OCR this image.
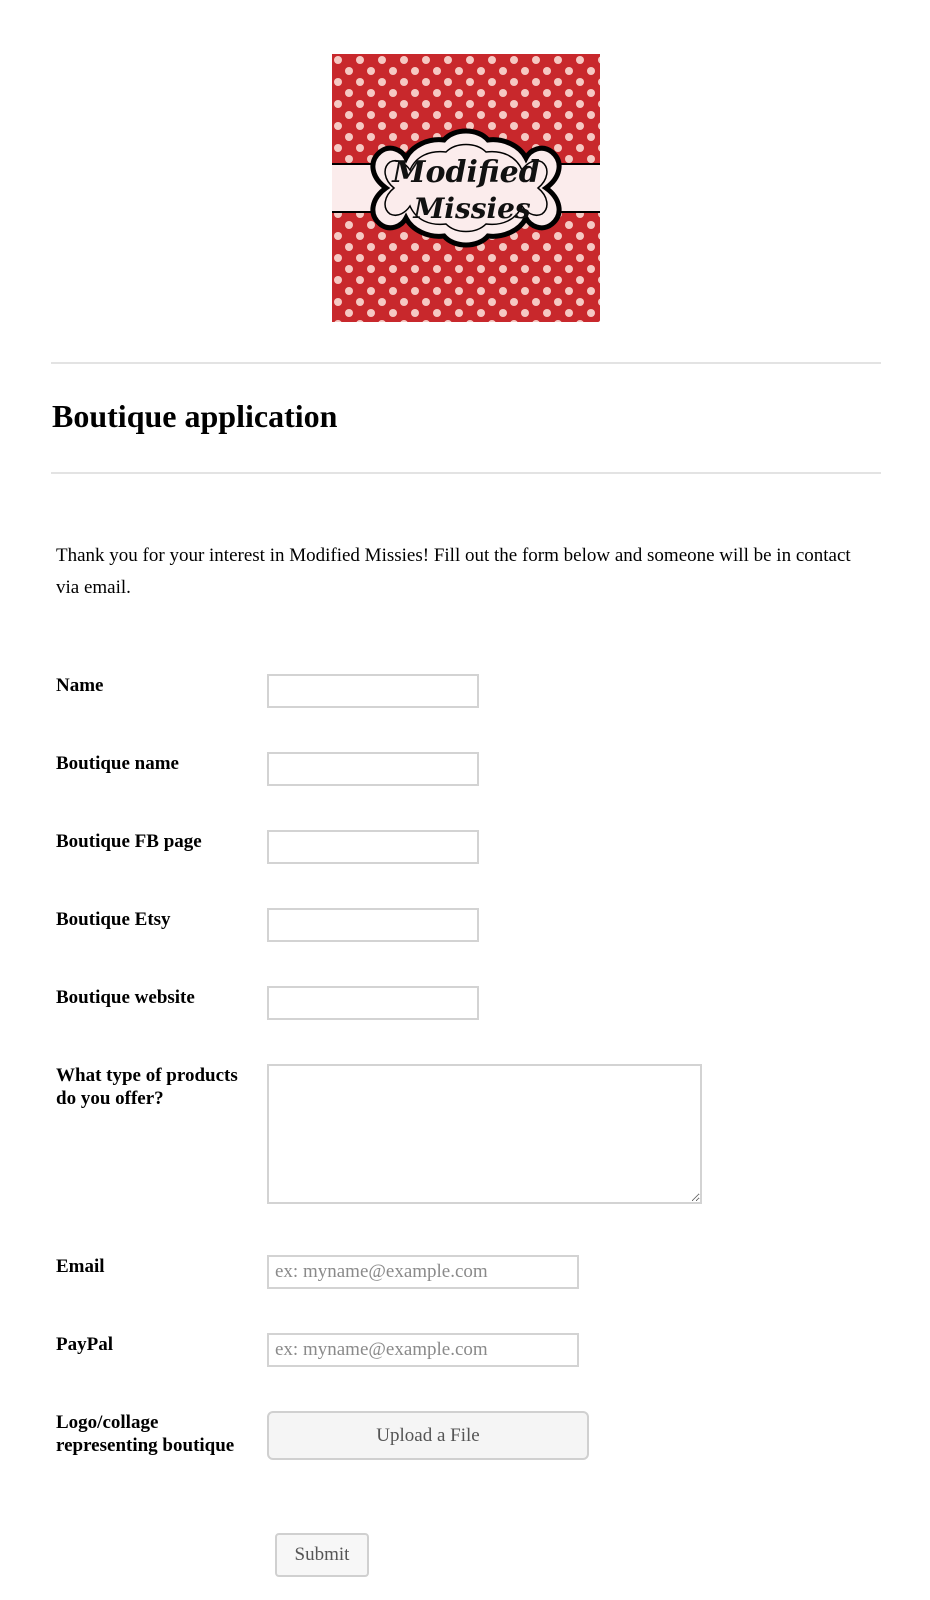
Modified
Missies
Boutique application
Thank you for your interest in Modified Missies! Fill out the form below and someone will be in contact via email.
Name
Boutique name
Boutique FB page
Boutique Etsy
Boutique website
What type of products do you offer?
Email
ex: myname@example.com
PayPal
ex: myname@example.com
Logo/collage representing boutique	Upload a File
Submit
